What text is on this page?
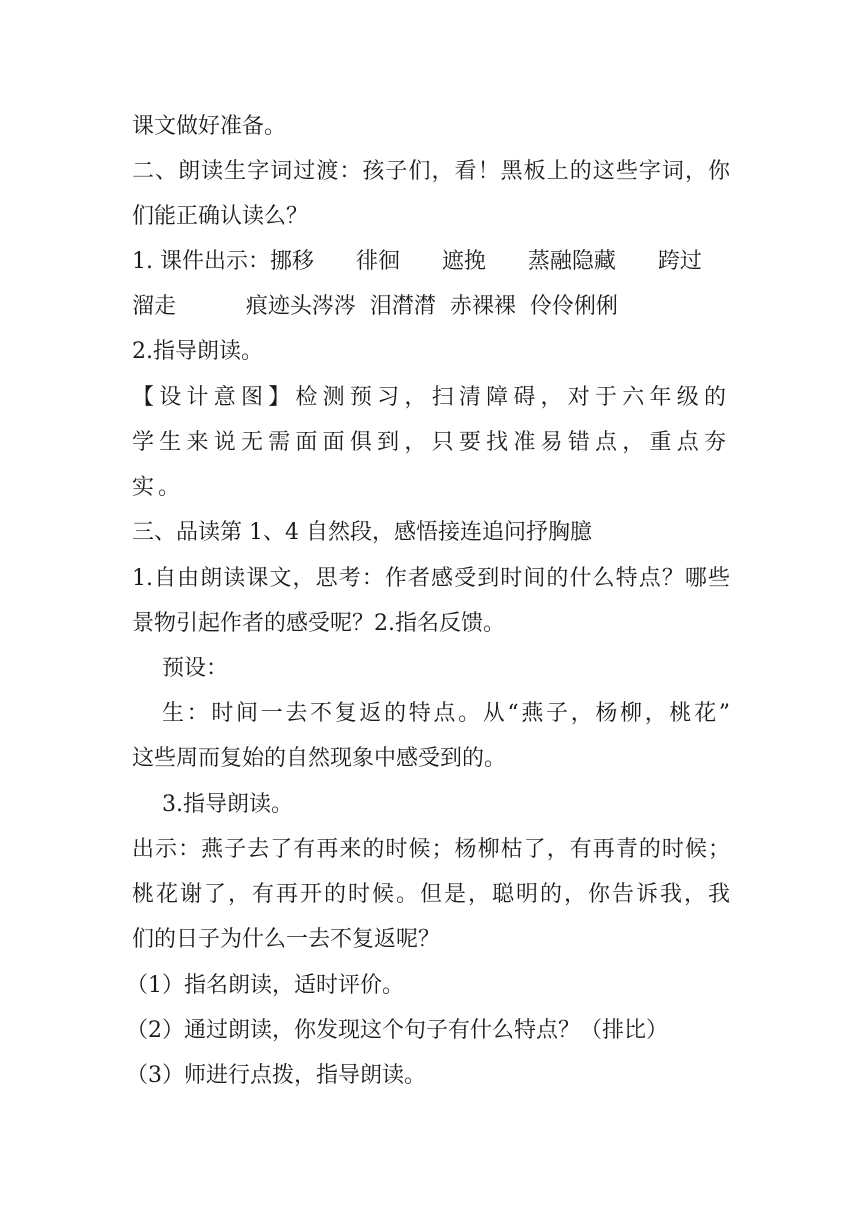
课文做好准备。
二、朗读生字词过渡：孩子们，看！黑板上的这些字词，你
们能正确认读么？
1. 课件出示：挪移      徘徊      遮挽      蒸融隐藏      跨过
溜走          痕迹头涔涔  泪潸潸  赤裸裸  伶伶俐俐
2.指导朗读。
【设计意图】检测预习，扫清障碍，对于六年级的
学生来说无需面面俱到，只要找准易错点，重点夯
实。
三、品读第 1、4 自然段，感悟接连追问抒胸臆
1.自由朗读课文，思考：作者感受到时间的什么特点？哪些
景物引起作者的感受呢？2.指名反馈。
预设：
生：时间一去不复返的特点。从“燕子，杨柳，桃花”
这些周而复始的自然现象中感受到的。
3.指导朗读。
出示：燕子去了有再来的时候；杨柳枯了，有再青的时候；
桃花谢了，有再开的时候。但是，聪明的，你告诉我，我
们的日子为什么一去不复返呢？
（1）指名朗读，适时评价。
（2）通过朗读，你发现这个句子有什么特点？（排比）
（3）师进行点拨，指导朗读。
